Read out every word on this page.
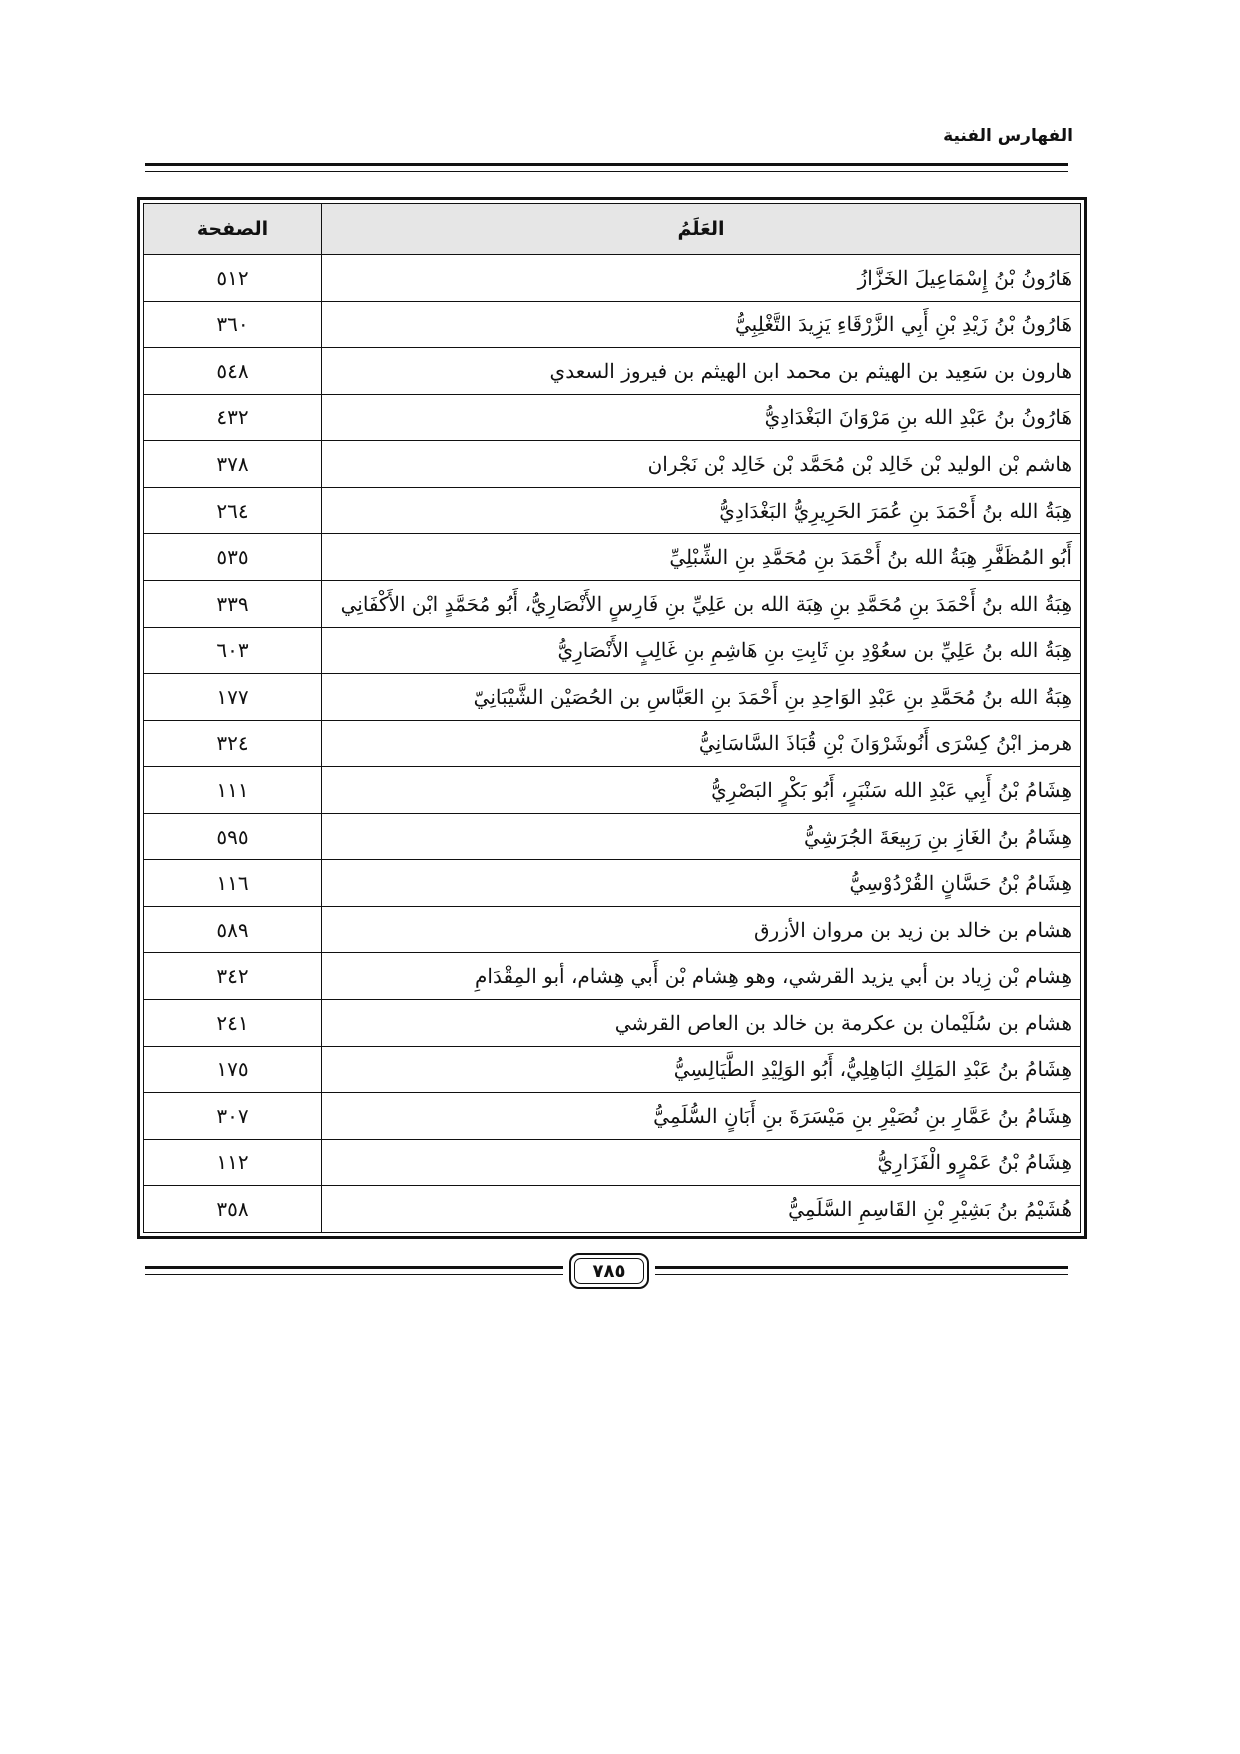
الفهارس الفنية
العَلَمُ	الصفحة
هَارُونُ بْنُ إِسْمَاعِيلَ الخَزَّازُ	٥١٢
هَارُونُ بْنُ زَيْدِ بْنِ أَبِي الزَّرْقَاءِ يَزِيدَ التَّغْلِبِيُّ	٣٦٠
هارون بن سَعِيد بن الهيثم بن محمد ابن الهيثم بن فيروز السعدي	٥٤٨
هَارُونُ بنُ عَبْدِ الله بنِ مَرْوَانَ البَغْدَادِيُّ	٤٣٢
هاشم بْن الوليد بْن خَالِد بْن مُحَمَّد بْن خَالِد بْن نَجْران	٣٧٨
هِبَةُ الله بنُ أَحْمَدَ بنِ عُمَرَ الحَرِيرِيُّ البَغْدَادِيُّ	٢٦٤
أَبُو المُظَفَّرِ هِبَةُ الله بنُ أَحْمَدَ بنِ مُحَمَّدِ بنِ الشِّبْلِيِّ	٥٣٥
هِبَةُ الله بنُ أَحْمَدَ بنِ مُحَمَّدِ بنِ هِبَة الله بن عَلِيِّ بنِ فَارِسٍ الأَنْصَارِيُّ، أَبُو مُحَمَّدٍ ابْن الأَكْفَانِي	٣٣٩
هِبَةُ الله بنُ عَلِيِّ بن سعُوْدِ بنِ ثَابِتِ بنِ هَاشِمِ بنِ غَالِبٍ الأَنْصَارِيُّ	٦٠٣
هِبَةُ الله بنُ مُحَمَّدِ بنِ عَبْدِ الوَاحِدِ بنِ أَحْمَدَ بنِ العَبَّاسِ بن الحُصَيْن الشَّيْبَانِيّ	١٧٧
هرمز ابْنُ كِسْرَى أَنُوشَرْوَانَ بْنِ قُبَاذَ السَّاسَانِيُّ	٣٢٤
هِشَامُ بْنُ أَبِي عَبْدِ الله سَنْبَرٍ، أَبُو بَكْرٍ البَصْرِيُّ	١١١
هِشَامُ بنُ الغَازِ بنِ رَبِيعَةَ الجُرَشِيُّ	٥٩٥
هِشَامُ بْنُ حَسَّانٍ القُرْدُوْسِيُّ	١١٦
هشام بن خالد بن زيد بن مروان الأزرق	٥٨٩
هِشام بْن زِياد بن أبي يزيد القرشي، وهو هِشام بْن أَبي هِشام، أبو المِقْدَامِ	٣٤٢
هشام بن سُلَيْمان بن عكرمة بن خالد بن العاص القرشي	٢٤١
هِشَامُ بنُ عَبْدِ المَلِكِ البَاهِلِيُّ، أَبُو الوَلِيْدِ الطَّيَالِسِيُّ	١٧٥
هِشَامُ بنُ عَمَّارِ بنِ نُصَيْرِ بنِ مَيْسَرَةَ بنِ أَبَانٍ السُّلَمِيُّ	٣٠٧
هِشَامُ بْنُ عَمْرٍو الْفَزَارِيُّ	١١٢
هُشَيْمُ بنُ بَشِيْرِ بْنِ القَاسِمِ السَّلَمِيُّ	٣٥٨
٧٨٥
